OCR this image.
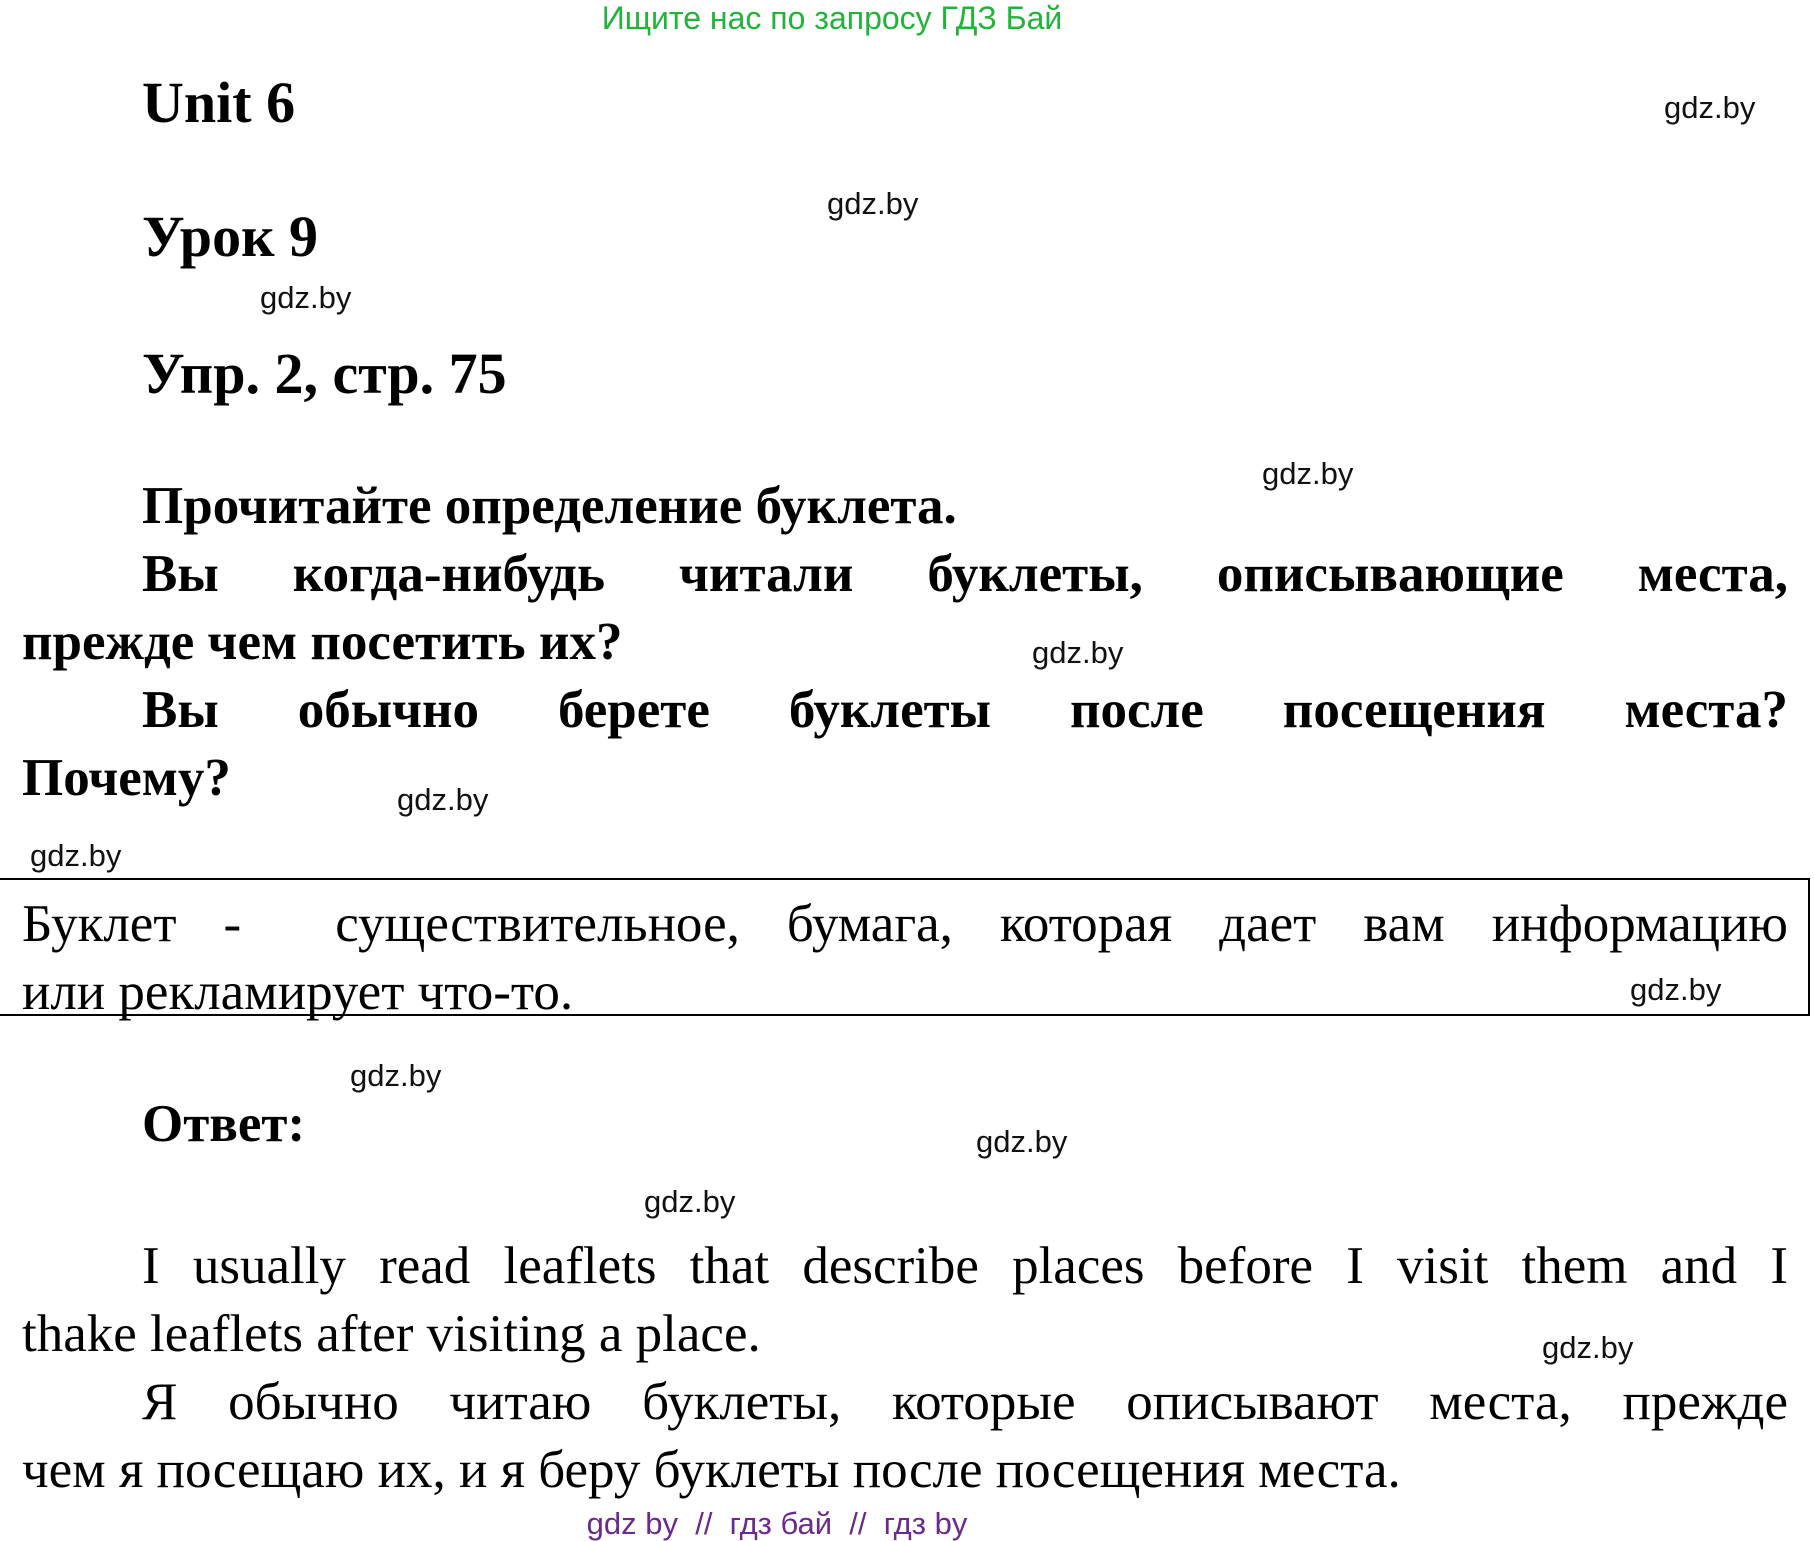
Ищите нас по запросу ГДЗ Бай
Unit 6
Урок 9
Упр. 2, стр. 75
Прочитайте определение буклета.
Вы когда-нибудь читали буклеты, описывающие места,
прежде чем посетить их?
Вы обычно берете буклеты после посещения места?
Почему?
Буклет -  существительное, бумага, которая дает вам информацию
или рекламирует что-то.
Ответ:
I usually read leaflets that describe places before I visit them and I
thake leaflets after visiting a place.
Я обычно читаю буклеты, которые описывают места, прежде
чем я посещаю их, и я беру буклеты после посещения места.
gdz.by
gdz.by
gdz.by
gdz.by
gdz.by
gdz.by
gdz.by
gdz.by
gdz.by
gdz.by
gdz.by
gdz.by
gdz by  //  гдз бай  //  гдз by
